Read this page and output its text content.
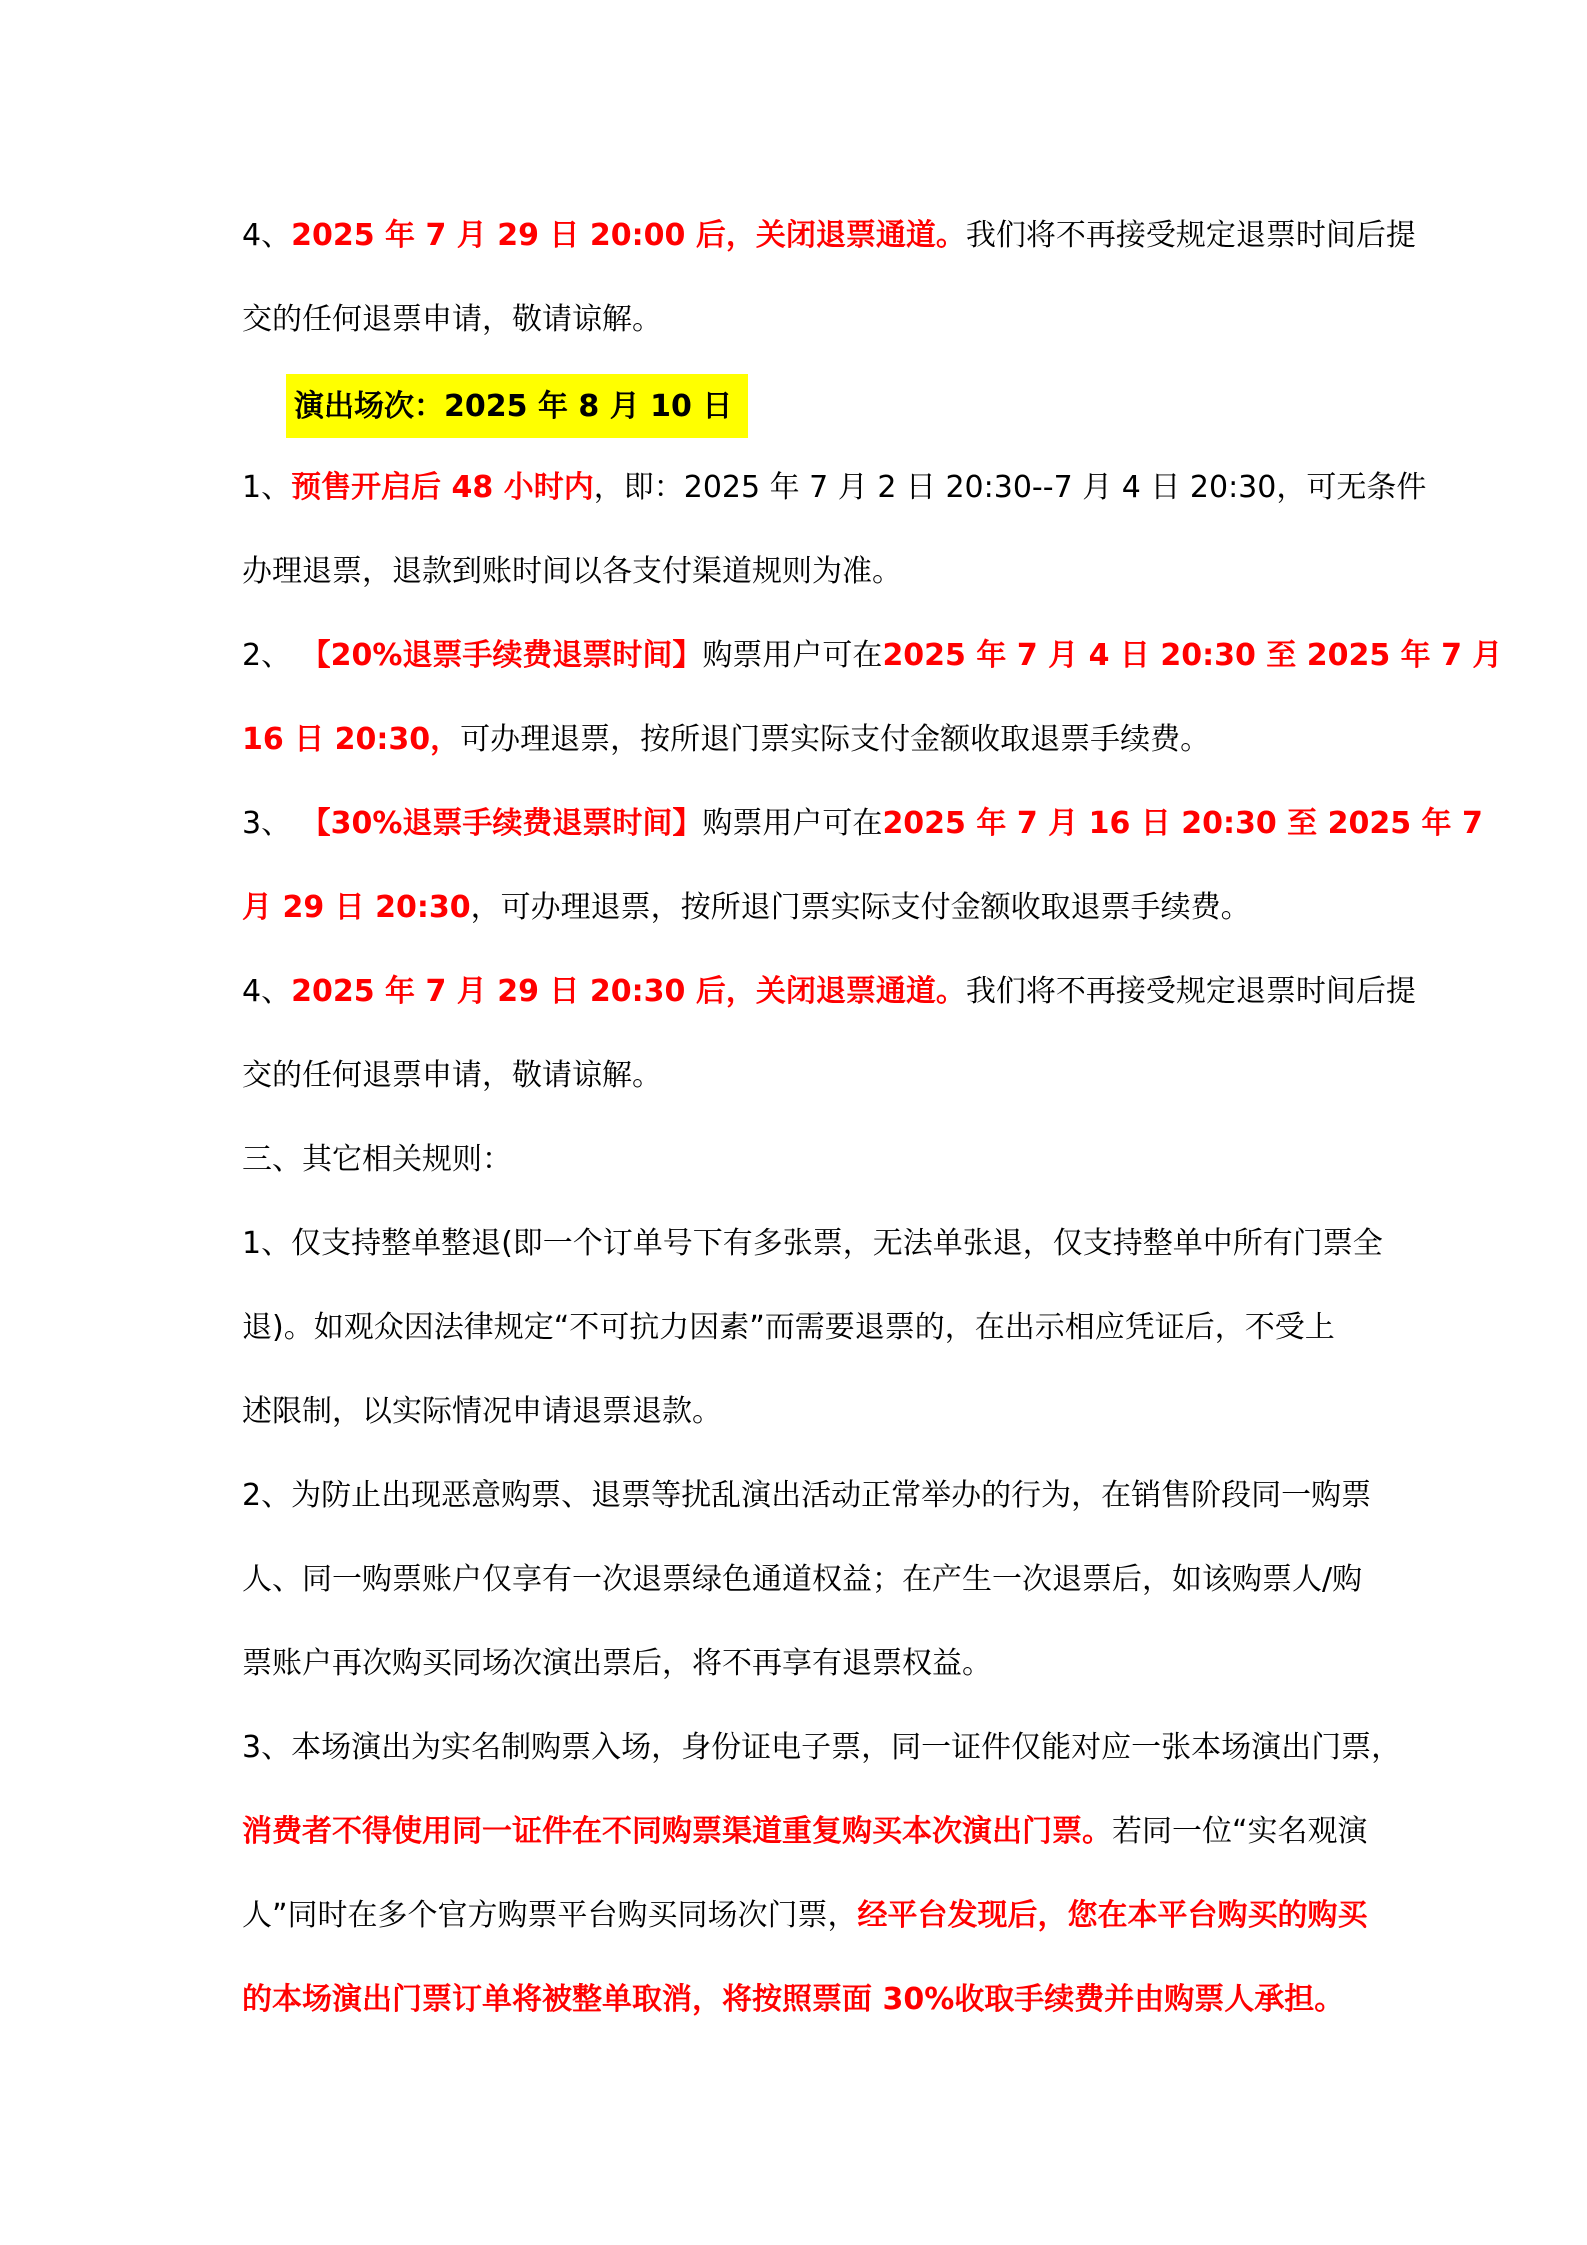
4、2025 年 7 月 29 日 20:00 后，关闭退票通道。我们将不再接受规定退票时间后提
交的任何退票申请，敬请谅解。
演出场次：2025 年 8 月 10 日
1、预售开启后 48 小时内，即：2025 年 7 月 2 日 20:30--7 月 4 日 20:30，可无条件
办理退票，退款到账时间以各支付渠道规则为准。
2、 【20%退票手续费退票时间】购票用户可在2025 年 7 月 4 日 20:30 至 2025 年 7 月
16 日 20:30，可办理退票，按所退门票实际支付金额收取退票手续费。
3、 【30%退票手续费退票时间】购票用户可在2025 年 7 月 16 日 20:30 至 2025 年 7
月 29 日 20:30，可办理退票，按所退门票实际支付金额收取退票手续费。
4、2025 年 7 月 29 日 20:30 后，关闭退票通道。我们将不再接受规定退票时间后提
交的任何退票申请，敬请谅解。
三、其它相关规则：
1、仅支持整单整退(即一个订单号下有多张票，无法单张退，仅支持整单中所有门票全
退)。如观众因法律规定“不可抗力因素”而需要退票的，在出示相应凭证后，不受上
述限制，以实际情况申请退票退款。
2、为防止出现恶意购票、退票等扰乱演出活动正常举办的行为，在销售阶段同一购票
人、同一购票账户仅享有一次退票绿色通道权益；在产生一次退票后，如该购票人/购
票账户再次购买同场次演出票后，将不再享有退票权益。
3、本场演出为实名制购票入场，身份证电子票，同一证件仅能对应一张本场演出门票，
消费者不得使用同一证件在不同购票渠道重复购买本次演出门票。若同一位“实名观演
人”同时在多个官方购票平台购买同场次门票，经平台发现后，您在本平台购买的购买
的本场演出门票订单将被整单取消，将按照票面 30%收取手续费并由购票人承担。
